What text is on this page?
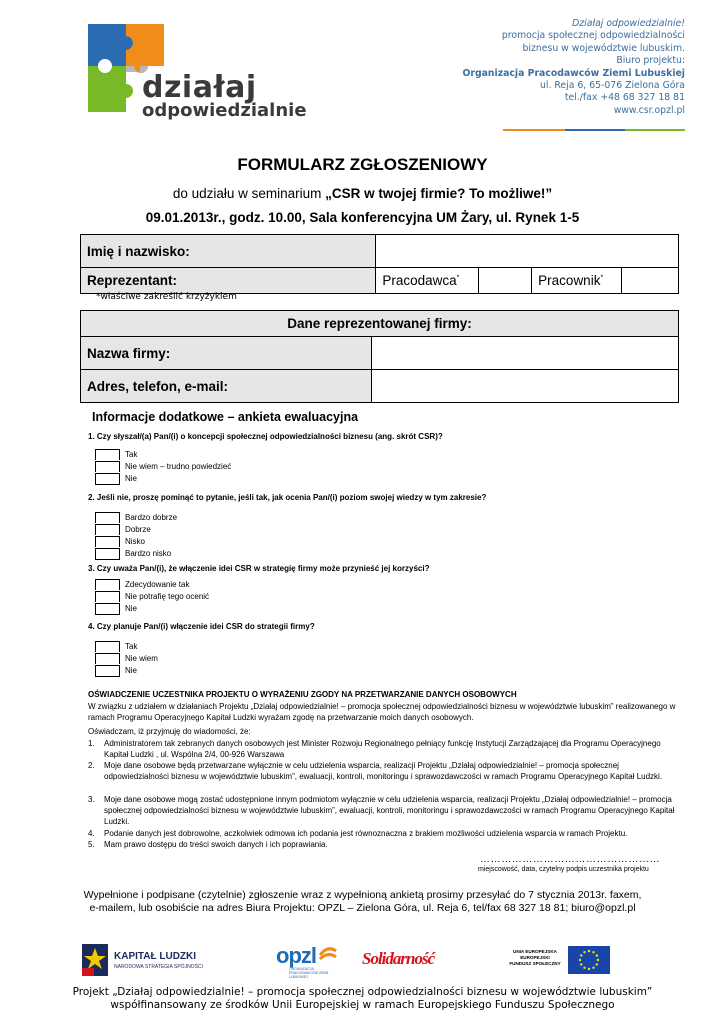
działaj
odpowiedzialnie
Działaj odpowiedzialnie!
promocja społecznej odpowiedzialności
biznesu w województwie lubuskim.
Biuro projektu:
Organizacja Pracodawców Ziemi Lubuskiej
ul. Reja 6, 65-076 Zielona Góra
tel./fax +48 68 327 18 81
www.csr.opzl.pl
FORMULARZ ZGŁOSZENIOWY
do udziału w seminarium „CSR w twojej firmie? To możliwe!”
09.01.2013r., godz. 10.00, Sala konferencyjna UM Żary, ul. Rynek 1-5
Imię i nazwisko:				
Reprezentant:	Pracodawca*		Pracownik*	
*właściwe zakreślić krzyżykiem
Dane reprezentowanej firmy:	
Nazwa firmy:	
Adres, telefon, e-mail:	
Informacje dodatkowe – ankieta ewaluacyjna
1. Czy słyszał/(a) Pan/(i) o koncepcji społecznej odpowiedzialności biznesu (ang. skrót CSR)?
Tak
Nie wiem – trudno powiedzieć
Nie
2. Jeśli nie, proszę pominąć to pytanie, jeśli tak, jak ocenia Pan/(i) poziom swojej wiedzy w tym zakresie?
Bardzo dobrze
Dobrze
Nisko
Bardzo nisko
3. Czy uważa Pan/(i), że włączenie idei CSR w strategię firmy może przynieść jej korzyści?
Zdecydowanie tak
Nie potrafię tego ocenić
Nie
4. Czy planuje Pan/(i) włączenie idei CSR do strategii firmy?
Tak
Nie wiem
Nie
OŚWIADCZENIE UCZESTNIKA PROJEKTU O WYRAŻENIU ZGODY NA PRZETWARZANIE DANYCH OSOBOWYCH
W związku z udziałem w działaniach Projektu „Działaj odpowiedzialnie! – promocja społecznej odpowiedzialności biznesu w województwie lubuskim” realizowanego w ramach Programu Operacyjnego Kapitał Ludzki wyrażam zgodę na przetwarzanie moich danych osobowych.
Oświadczam, iż przyjmuję do wiadomości, że:
1. Administratorem tak zebranych danych osobowych jest Minister Rozwoju Regionalnego pełniący funkcję Instytucji Zarządzającej dla Programu Operacyjnego Kapitał Ludzki , ul. Wspólna 2/4, 00-926 Warszawa
2. Moje dane osobowe będą przetwarzane wyłącznie w celu udzielenia wsparcia, realizacji Projektu „Działaj odpowiedzialnie! – promocja społecznej odpowiedzialności biznesu w województwie lubuskim”, ewaluacji, kontroli, monitoringu i sprawozdawczości w ramach Programu Operacyjnego Kapitał Ludzki.
3. Moje dane osobowe mogą zostać udostępnione innym podmiotom wyłącznie w celu udzielenia wsparcia, realizacji Projektu „Działaj odpowiedzialnie! – promocja społecznej odpowiedzialności biznesu w województwie lubuskim”, ewaluacji, kontroli, monitoringu i sprawozdawczości w ramach Programu Operacyjnego Kapitał Ludzki.
4. Podanie danych jest dobrowolne, aczkolwiek odmowa ich podania jest równoznaczna z brakiem możliwości udzielenia wsparcia w ramach Projektu.
5. Mam prawo dostępu do treści swoich danych i ich poprawiania.
……………………………………………
miejscowość, data, czytelny podpis uczestnika projektu
Wypełnione i podpisane (czytelnie) zgłoszenie wraz z wypełnioną ankietą prosimy przesyłać do 7 stycznia 2013r. faxem,
e-mailem, lub osobiście na adres Biura Projektu: OPZL – Zielona Góra, ul. Reja 6, tel/fax 68 327 18 81; biuro@opzl.pl
KAPITAŁ LUDZKI
NARODOWA STRATEGIA SPÓJNOŚCI	opzl
ORGANIZACJA PRACODAWCÓW ZIEMI LUBUSKIEJ
Solidarność	UNIA EUROPEJSKA
EUROPEJSKI
FUNDUSZ SPOŁECZNY
Projekt „Działaj odpowiedzialnie! – promocja społecznej odpowiedzialności biznesu w województwie lubuskim”
współfinansowany ze środków Unii Europejskiej w ramach Europejskiego Funduszu Społecznego
